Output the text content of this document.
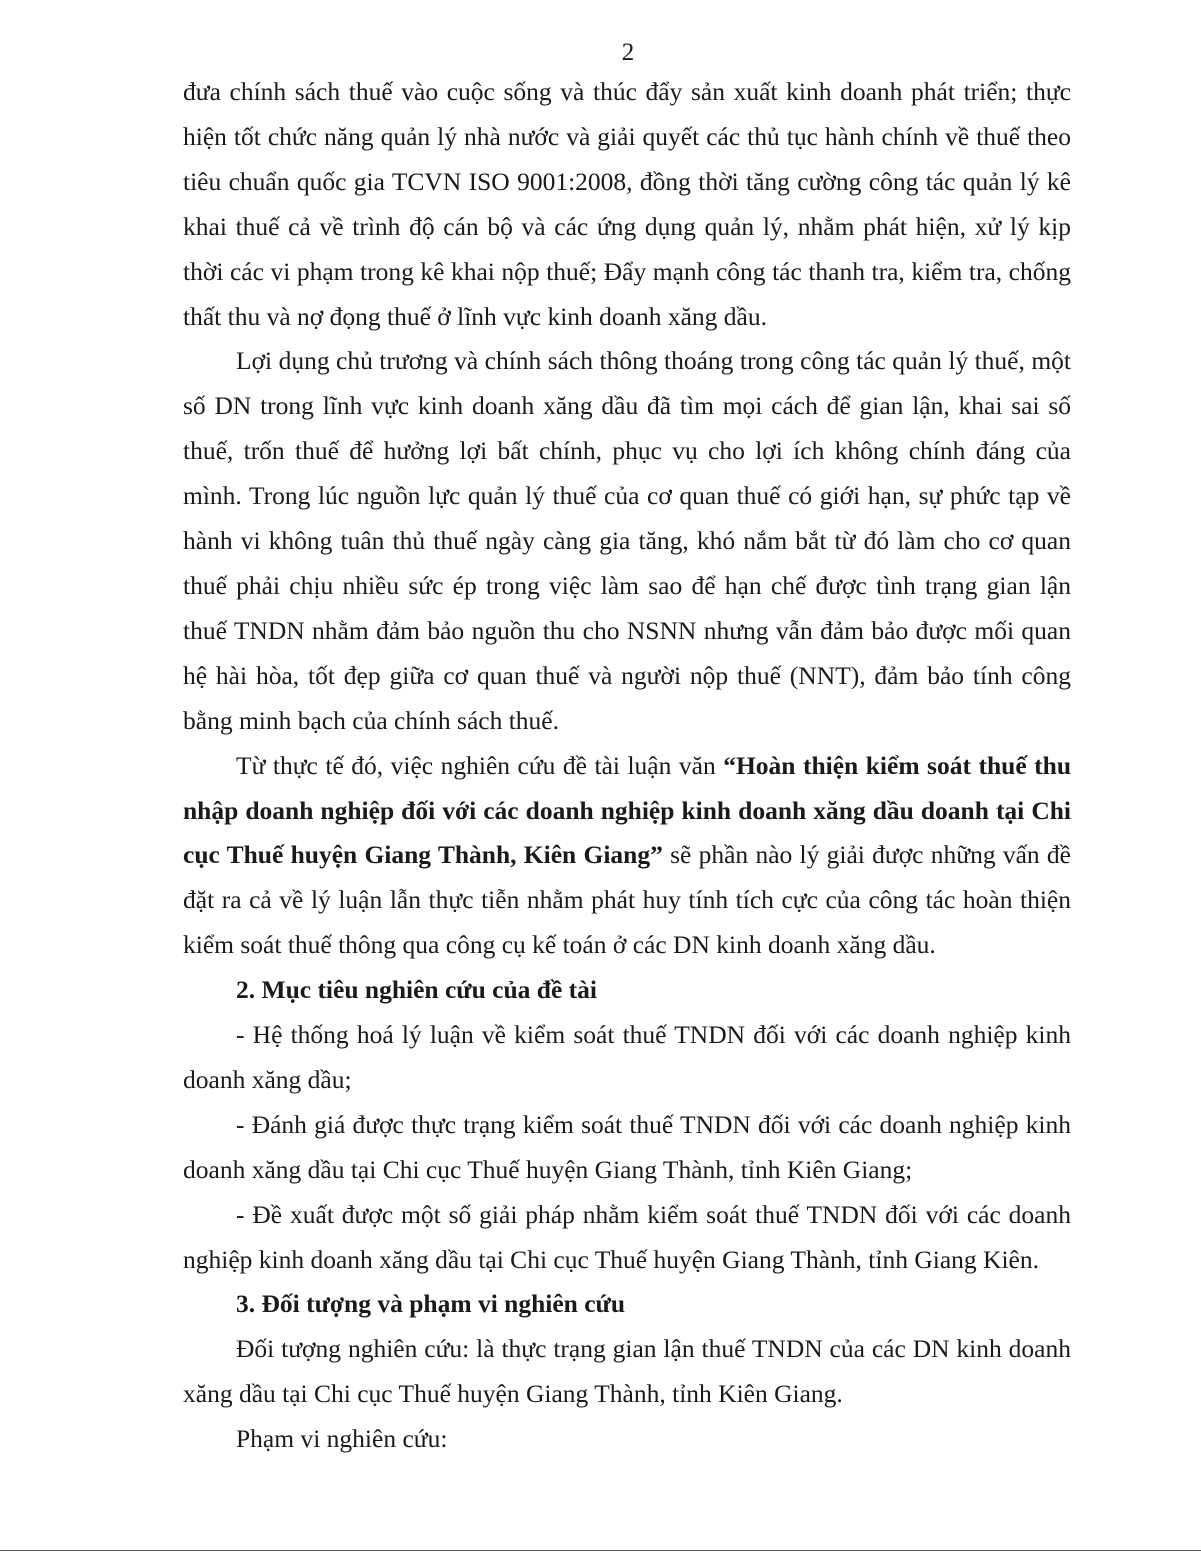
2

đưa chính sách thuế vào cuộc sống và thúc đẩy sản xuất kinh doanh phát triển; thực hiện tốt chức năng quản lý nhà nước và giải quyết các thủ tục hành chính về thuế theo tiêu chuẩn quốc gia TCVN ISO 9001:2008, đồng thời tăng cường công tác quản lý kê khai thuế cả về trình độ cán bộ và các ứng dụng quản lý, nhằm phát hiện, xử lý kịp thời các vi phạm trong kê khai nộp thuế; Đẩy mạnh công tác thanh tra, kiểm tra, chống thất thu và nợ đọng thuế ở lĩnh vực kinh doanh xăng dầu.

Lợi dụng chủ trương và chính sách thông thoáng trong công tác quản lý thuế, một số DN trong lĩnh vực kinh doanh xăng dầu đã tìm mọi cách để gian lận, khai sai số thuế, trốn thuế để hưởng lợi bất chính, phục vụ cho lợi ích không chính đáng của mình. Trong lúc nguồn lực quản lý thuế của cơ quan thuế có giới hạn, sự phức tạp về hành vi không tuân thủ thuế ngày càng gia tăng, khó nắm bắt từ đó làm cho cơ quan thuế phải chịu nhiều sức ép trong việc làm sao để hạn chế được tình trạng gian lận thuế TNDN nhằm đảm bảo nguồn thu cho NSNN nhưng vẫn đảm bảo được mối quan hệ hài hòa, tốt đẹp giữa cơ quan thuế và người nộp thuế (NNT), đảm bảo tính công bằng minh bạch của chính sách thuế.

Từ thực tế đó, việc nghiên cứu đề tài luận văn “Hoàn thiện kiểm soát thuế thu nhập doanh nghiệp đối với các doanh nghiệp kinh doanh xăng dầu doanh tại Chi cục Thuế huyện Giang Thành, Kiên Giang” sẽ phần nào lý giải được những vấn đề đặt ra cả về lý luận lẫn thực tiễn nhằm phát huy tính tích cực của công tác hoàn thiện kiểm soát thuế thông qua công cụ kế toán ở các DN kinh doanh xăng dầu.

2. Mục tiêu nghiên cứu của đề tài

- Hệ thống hoá lý luận về kiểm soát thuế TNDN đối với các doanh nghiệp kinh doanh xăng dầu;

- Đánh giá được thực trạng kiểm soát thuế TNDN đối với các doanh nghiệp kinh doanh xăng dầu tại Chi cục Thuế huyện Giang Thành, tỉnh Kiên Giang;

- Đề xuất được một số giải pháp nhằm kiểm soát thuế TNDN đối với các doanh nghiệp kinh doanh xăng dầu tại Chi cục Thuế huyện Giang Thành, tỉnh Giang Kiên.

3. Đối tượng và phạm vi nghiên cứu

Đối tượng nghiên cứu: là thực trạng gian lận thuế TNDN của các DN kinh doanh xăng dầu tại Chi cục Thuế huyện Giang Thành, tỉnh Kiên Giang.

Phạm vi nghiên cứu:
